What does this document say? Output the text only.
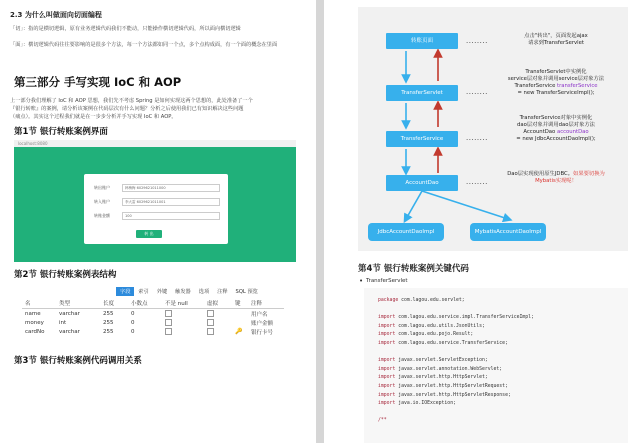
2.3 为什么叫做面向切面编程
「切」：指的是横切逻辑，原有业务逻辑代码我们不能动，只能操作横切逻辑代码，所以面向横切逻辑
「面」：横切逻辑代码往往要影响的是很多个方法，每一个方法都如同一个点，多个点构成面，有一个面的概念在里面
第三部分 手写实现 IoC 和 AOP
上一部分我们理解了 IoC 和 AOP 思想，我们先不考虑 Spring 是如何实现这两个思想的，此处准备了一个
『银行转账』的案例，请分析该案例在代码层次有什么问题？分析之后使用我们已有知识解决这些问题
（痛点）。其实这个过程我们就是在一步步分析并手写实现 IoC 和 AOP。
第1节 银行转账案例界面
localhost:8080
转出账户	韩梅梅 6029621011000
转入账户	李大雷 6029621011001
转账金额	100
转 出
第2节 银行转账案例表结构
字段 索引 外键 触发器 选项 注释 SQL 预览
名	类型	长度	小数点	不是 null	虚拟	键	注释
name	varchar	255	0				用户名
money	int	255	0				账户金额
cardNo	varchar	255	0			🔑	银行卡号
第3节 银行转账案例代码调用关系
转账页面
TransferServlet
TransferService
AccountDao
JdbcAccountDaoImpl	MybatisAccountDaoImpl
........
........
........
........
点击"转出"，页面发起ajax
请求到TransferServlet
TransferServlet中实例化
service层对象并调用service层对象方法
TransferService transferService
= new TransferServiceImpl();
TransferService对象中实例化
dao层对象并调用dao层对象方法
AccountDao accountDao
= new JdbcAccountDaoImpl();
Dao层实现使用原生JDBC。如果要切换为
Mybatis实现呢！
第4节 银行转账案例关键代码
• TransferServlet
package com.lagou.edu.servlet;
import com.lagou.edu.service.impl.TransferServiceImpl;
import com.lagou.edu.utils.JsonUtils;
import com.lagou.edu.pojo.Result;
import com.lagou.edu.service.TransferService;
import javax.servlet.ServletException;
import javax.servlet.annotation.WebServlet;
import javax.servlet.http.HttpServlet;
import javax.servlet.http.HttpServletRequest;
import javax.servlet.http.HttpServletResponse;
import java.io.IOException;
/**
